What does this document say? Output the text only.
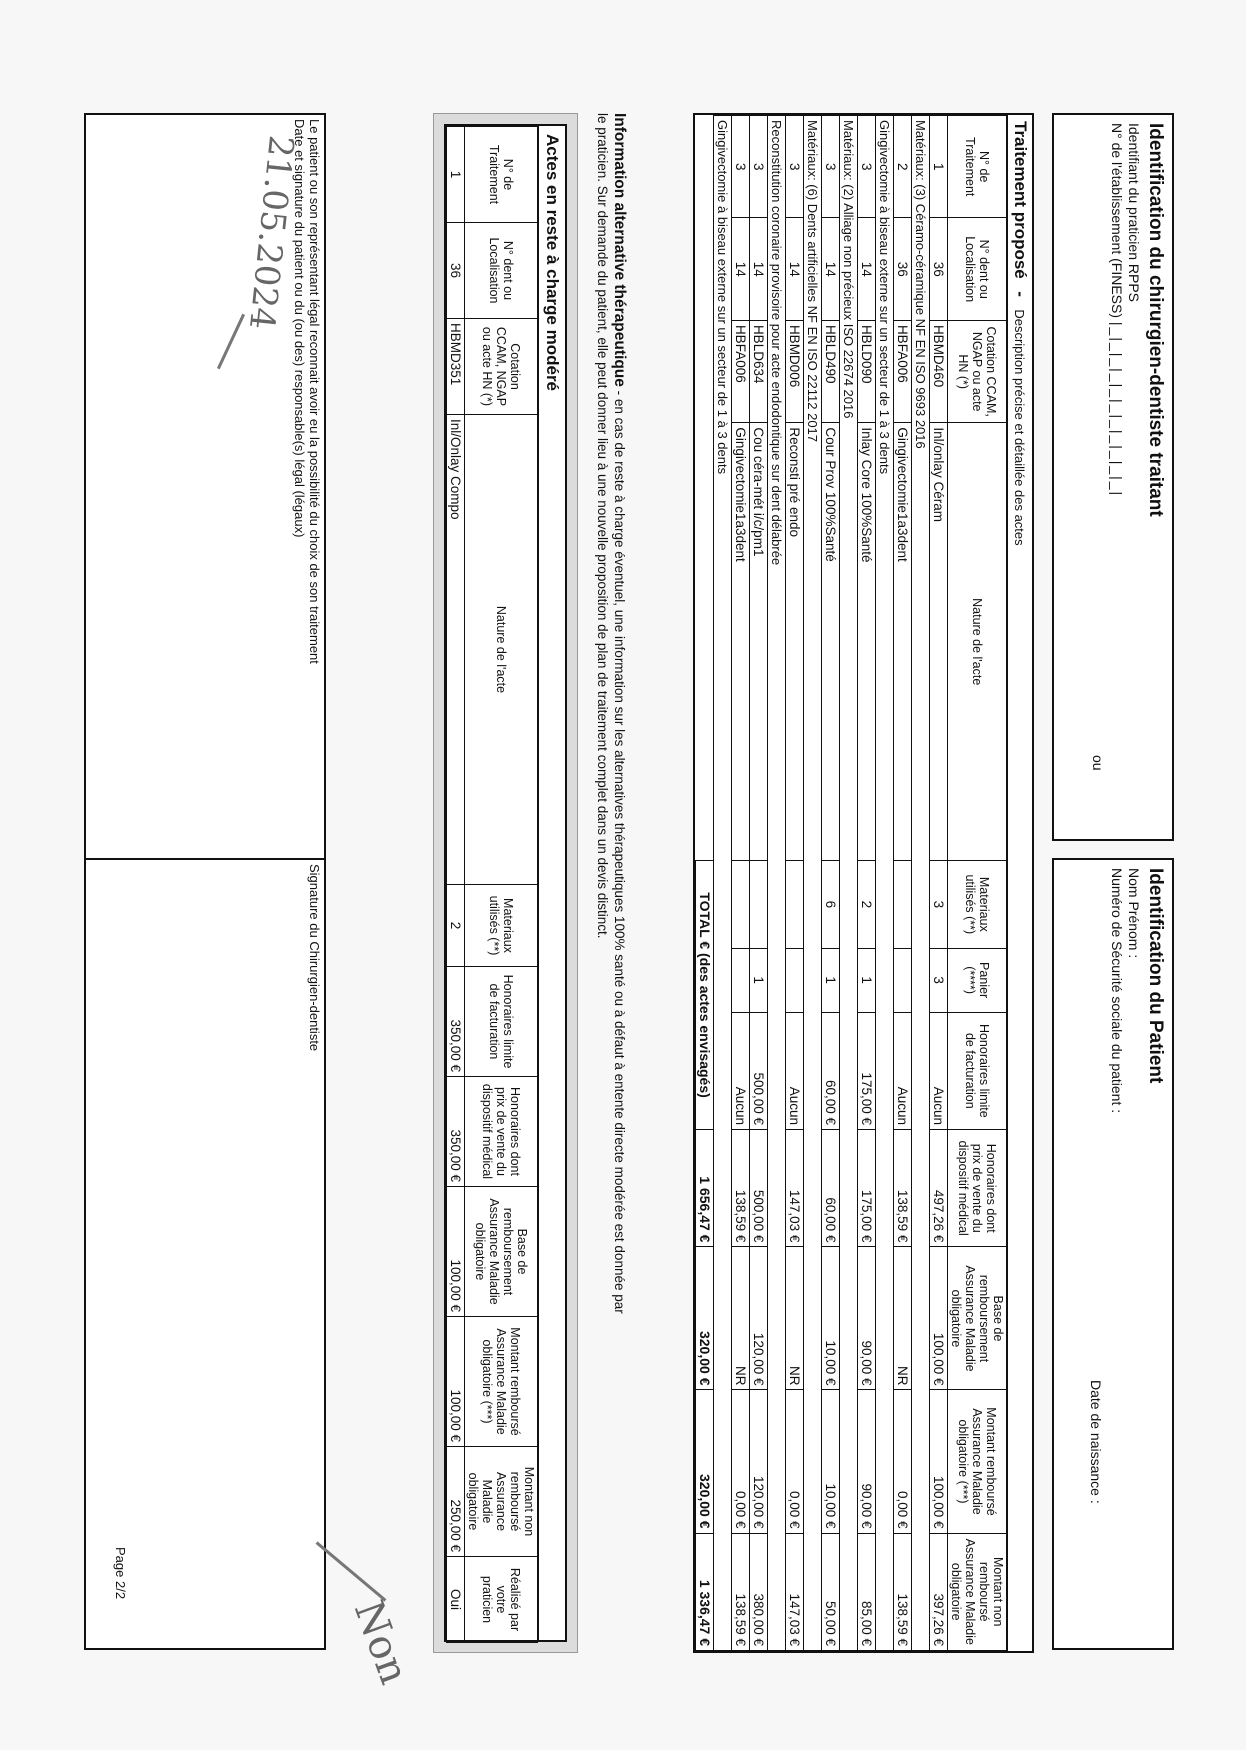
Identification du chirurgien-dentiste traitant
Identifiant du praticien RPPS
N° de l'établissement (FINESS) |_|_|_|_|_|_|_|_|_|_|_|
ou
Identification du Patient
Nom Prénom :
Numéro de Sécurité sociale du patient :
Date de naissance :
Traitement proposé - Description précise et détaillée des actes
N° de Traitement	N° dent ou Localisation	Cotation CCAM, NGAP ou acte HN (*)	Nature de l'acte	Materiaux utilisés (**)	Panier (****)	Honoraires limite de facturation	Honoraires dont prix de vente du dispositif médical	Base de remboursement Assurance Maladie obligatoire	Montant remboursé Assurance Maladie obligatoire (***)	Montant non remboursé Assurance Maladie obligatoire
1	36	HBMD460	Inl/onlay Céram	3	3	Aucun	497,26 €	100,00 €	100,00 €	397,26 €
Matériaux: (3) Céramo-céramique NF EN ISO 9693 2016										
2	36	HBFA006	Gingivectomie1a3dent			Aucun	138,59 €	NR	0,00 €	138,59 €
Gingivectomie à biseau externe sur un secteur de 1 à 3 dents										
3	14	HBLD090	Inlay Core 100%Santé	2	1	175,00 €	175,00 €	90,00 €	90,00 €	85,00 €
Matériaux: (2) Alliage non précieux ISO 22674 2016										
3	14	HBLD490	Cour Prov 100%Santé	6	1	60,00 €	60,00 €	10,00 €	10,00 €	50,00 €
Matériaux: (6) Dents artificielles NF EN ISO 22112 2017										
3	14	HBMD006	Reconsti pré endo			Aucun	147,03 €	NR	0,00 €	147,03 €
Reconstitution coronaire provisoire pour acte endodontique sur dent délabrée										
3	14	HBLD634	Cou céra-mét i/c/pm1		1	500,00 €	500,00 €	120,00 €	120,00 €	380,00 €
3	14	HBFA006	Gingivectomie1a3dent			Aucun	138,59 €	NR	0,00 €	138,59 €
Gingivectomie à biseau externe sur un secteur de 1 à 3 dents										
				TOTAL € (des actes envisagés)			1 656,47 €	320,00 €	320,00 €	1 336,47 €
Information alternative thérapeutique - en cas de reste à charge éventuel, une information sur les alternatives thérapeutiques 100% santé ou à défaut à entente directe modérée est donnée par
le praticien. Sur demande du patient, elle peut donner lieu à une nouvelle proposition de plan de traitement complet dans un devis distinct.
Actes en reste à charge modéré
N° de Traitement	N° dent ou Localisation	Cotation CCAM, NGAP ou acte HN (*)	Nature de l'acte	Materiaux utilisés (**)	Honoraires limite de facturation	Honoraires dont prix de vente du dispositif médical	Base de remboursement Assurance Maladie obligatoire	Montant remboursé Assurance Maladie obligatoire (***)	Montant non remboursé Assurance Maladie obligatoire	Réalisé par votre praticien
1	36	HBMD351	Inl/Onlay Compo	2	350,00 €	350,00 €	100,00 €	100,00 €	250,00 €	Oui
Le patient ou son représentant légal reconnait avoir eu la possibilité du choix de son traitement
Date et signature du patient ou du (ou des) responsable(s) légal (légaux)
21.05.2024
Signature du Chirurgien-dentiste
Non
Page 2/2
